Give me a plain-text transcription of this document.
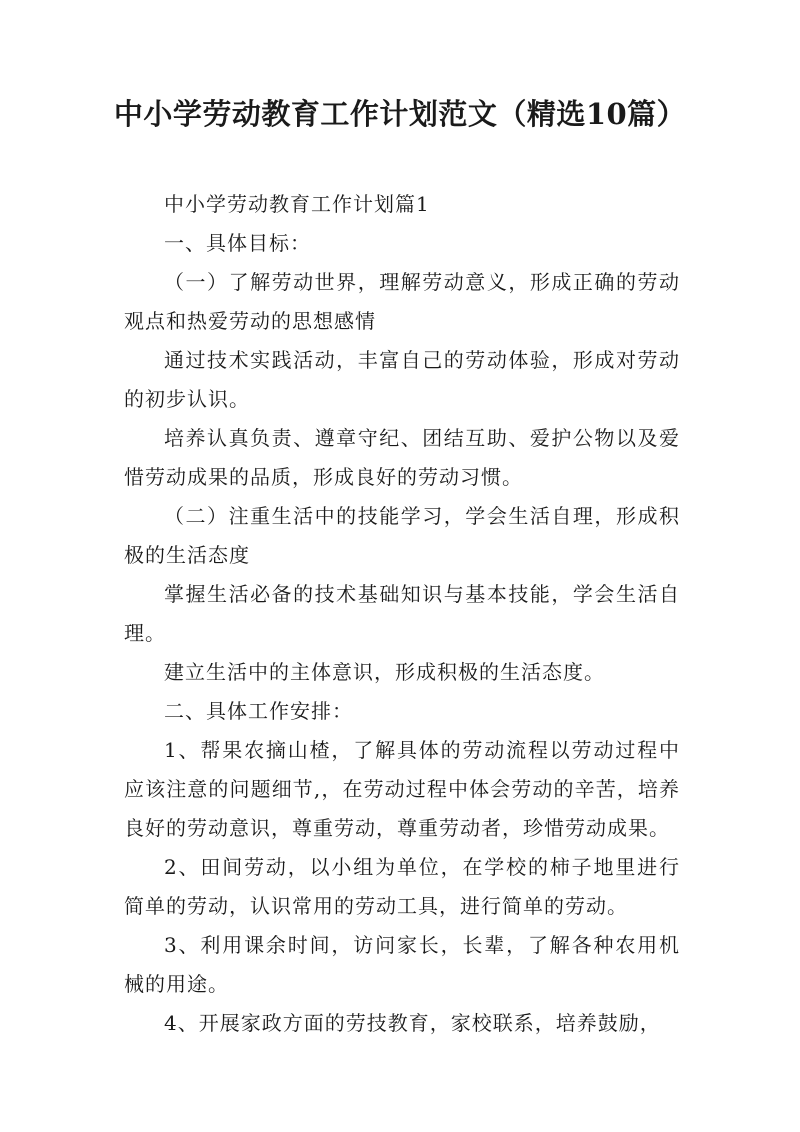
中小学劳动教育工作计划范文（精选10篇）

中小学劳动教育工作计划篇1

一、具体目标：

（一）了解劳动世界，理解劳动意义，形成正确的劳动观点和热爱劳动的思想感情

通过技术实践活动，丰富自己的劳动体验，形成对劳动的初步认识。

培养认真负责、遵章守纪、团结互助、爱护公物以及爱惜劳动成果的品质，形成良好的劳动习惯。

（二）注重生活中的技能学习，学会生活自理，形成积极的生活态度

掌握生活必备的技术基础知识与基本技能，学会生活自理。

建立生活中的主体意识，形成积极的生活态度。

二、具体工作安排：

1、帮果农摘山楂，了解具体的劳动流程以劳动过程中应该注意的问题细节,，在劳动过程中体会劳动的辛苦，培养良好的劳动意识，尊重劳动，尊重劳动者，珍惜劳动成果。

2、田间劳动，以小组为单位，在学校的柿子地里进行简单的劳动，认识常用的劳动工具，进行简单的劳动。

3、利用课余时间，访问家长，长辈，了解各种农用机械的用途。

4、开展家政方面的劳技教育，家校联系，培养鼓励，
